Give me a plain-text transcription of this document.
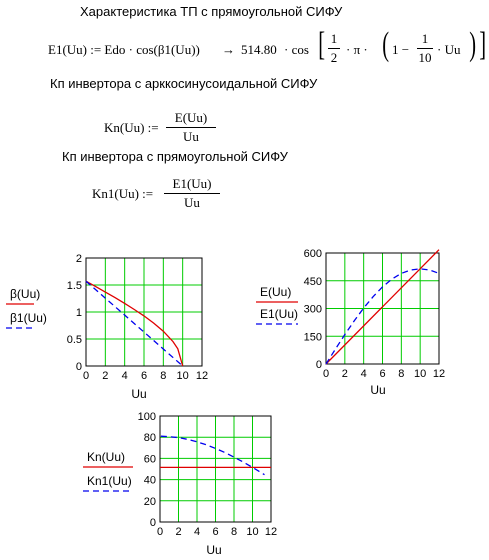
Характеристика ТП с прямоугольной СИФУ
E1(Uu) := Edo · cos(β1(Uu)) → 514.80 · cos [ 1
2
· π · ( 1 −
1
10
· Uu ) ]
Кп инвертора с арккосинусоидальной СИФУ
Kn(Uu) :=
E(Uu)
Uu
Кп инвертора с прямоугольной СИФУ
Kn1(Uu) :=
E1(Uu)
Uu
0 2 4 6 8 10 12
2
1.5
1
0.5
0
Uu
β(Uu)
β1(Uu)
0 2 4 6 8 10 12
600
450
300
150
0
Uu
E(Uu)
E1(Uu)
0 2 4 6 8 10 12
100
80
60
40
20
0
Uu
Kn(Uu)
Kn1(Uu)
